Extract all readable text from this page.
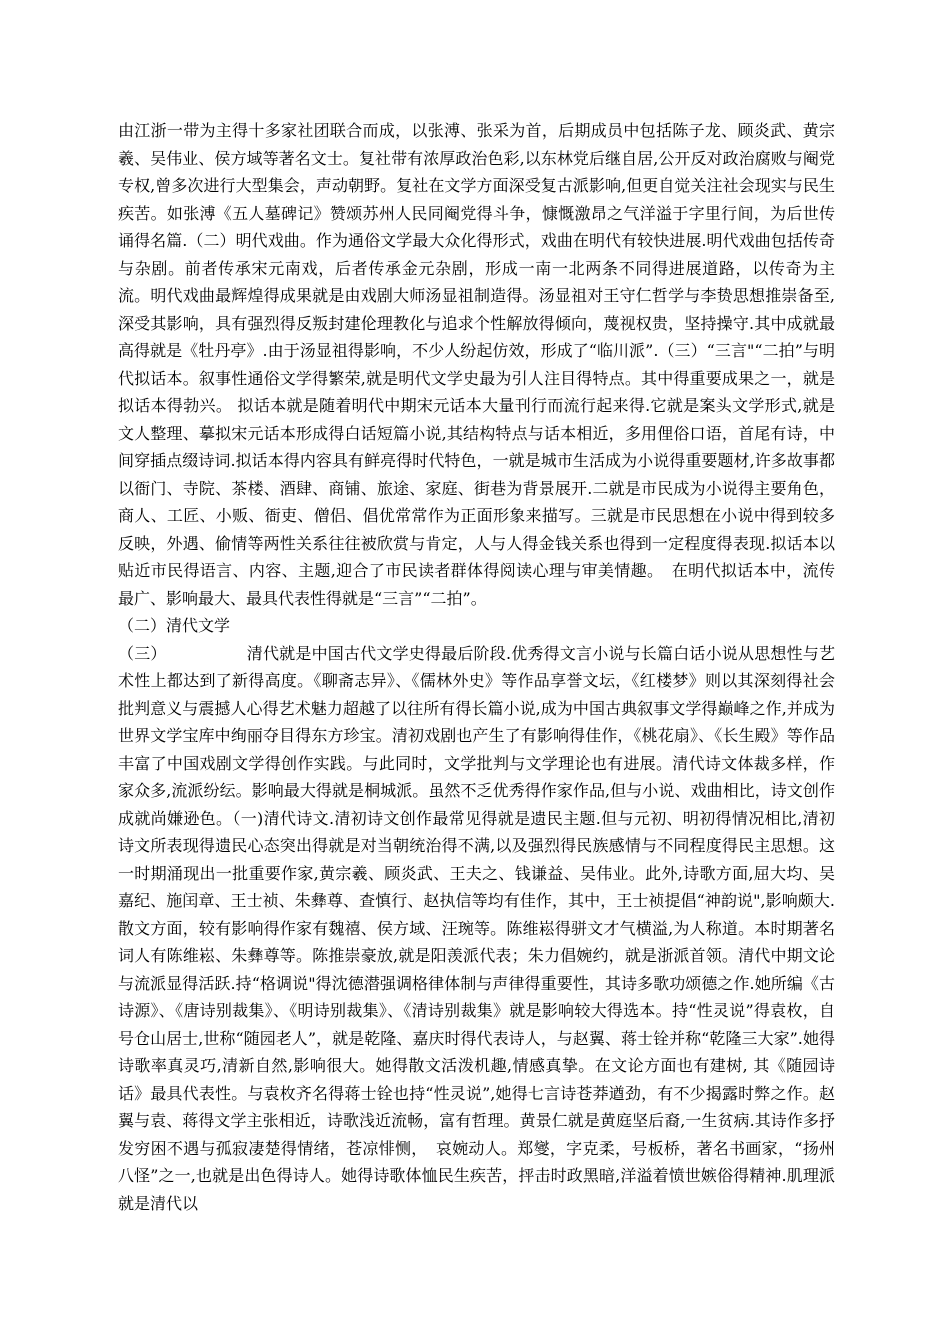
由江浙一带为主得十多家社团联合而成，以张溥、张采为首，后期成员中包括陈子龙、顾炎武、黄宗羲、吴伟业、侯方域等著名文士。复社带有浓厚政治色彩,以东林党后继自居,公开反对政治腐败与阉党专权,曾多次进行大型集会，声动朝野。复社在文学方面深受复古派影响,但更自觉关注社会现实与民生疾苦。如张溥《五人墓碑记》赞颂苏州人民同阉党得斗争，慷慨激昂之气洋溢于字里行间，为后世传诵得名篇.（二）明代戏曲。作为通俗文学最大众化得形式，戏曲在明代有较快进展.明代戏曲包括传奇与杂剧。前者传承宋元南戏，后者传承金元杂剧，形成一南一北两条不同得进展道路，以传奇为主流。明代戏曲最辉煌得成果就是由戏剧大师汤显祖制造得。汤显祖对王守仁哲学与李贽思想推崇备至,深受其影响，具有强烈得反叛封建伦理教化与追求个性解放得倾向，蔑视权贵，坚持操守.其中成就最高得就是《牡丹亭》.由于汤显祖得影响，不少人纷起仿效，形成了“临川派”.（三）“三言"“二拍”与明代拟话本。叙事性通俗文学得繁荣,就是明代文学史最为引人注目得特点。其中得重要成果之一，就是拟话本得勃兴。 拟话本就是随着明代中期宋元话本大量刊行而流行起来得.它就是案头文学形式,就是文人整理、摹拟宋元话本形成得白话短篇小说,其结构特点与话本相近，多用俚俗口语，首尾有诗，中间穿插点缀诗词.拟话本得内容具有鲜亮得时代特色，一就是城市生活成为小说得重要题材,许多故事都以衙门、寺院、茶楼、酒肆、商铺、旅途、家庭、街巷为背景展开.二就是市民成为小说得主要角色，商人、工匠、小贩、衙吏、僧侣、倡优常常作为正面形象来描写。三就是市民思想在小说中得到较多反映，外遇、偷情等两性关系往往被欣赏与肯定，人与人得金钱关系也得到一定程度得表现.拟话本以贴近市民得语言、内容、主题,迎合了市民读者群体得阅读心理与审美情趣。　在明代拟话本中，流传最广、影响最大、最具代表性得就是“三言”“二拍”。

（二）清代文学

（三）	清代就是中国古代文学史得最后阶段.优秀得文言小说与长篇白话小说从思想性与艺术性上都达到了新得高度。《聊斋志异》、《儒林外史》等作品享誉文坛，《红楼梦》则以其深刻得社会批判意义与震撼人心得艺术魅力超越了以往所有得长篇小说,成为中国古典叙事文学得巅峰之作,并成为世界文学宝库中绚丽夺目得东方珍宝。清初戏剧也产生了有影响得佳作，《桃花扇》、《长生殿》等作品丰富了中国戏剧文学得创作实践。与此同时，文学批判与文学理论也有进展。清代诗文体裁多样，作家众多,流派纷纭。影响最大得就是桐城派。虽然不乏优秀得作家作品,但与小说、戏曲相比，诗文创作成就尚嫌逊色。（一)清代诗文.清初诗文创作最常见得就是遗民主题.但与元初、明初得情况相比,清初诗文所表现得遗民心态突出得就是对当朝统治得不满,以及强烈得民族感情与不同程度得民主思想。这一时期涌现出一批重要作家,黄宗羲、顾炎武、王夫之、钱谦益、吴伟业。此外,诗歌方面,屈大均、吴嘉纪、施闰章、王士祯、朱彝尊、查慎行、赵执信等均有佳作，其中，王士祯提倡“神韵说",影响颇大.散文方面，较有影响得作家有魏禧、侯方域、汪琬等。陈维崧得骈文才气横溢,为人称道。本时期著名词人有陈维崧、朱彝尊等。陈推崇豪放,就是阳羡派代表；朱力倡婉约，就是浙派首领。清代中期文论与流派显得活跃.持“格调说"得沈德潜强调格律体制与声律得重要性，其诗多歌功颂德之作.她所编《古诗源》、《唐诗别裁集》、《明诗别裁集》、《清诗别裁集》就是影响较大得选本。持“性灵说”得袁枚，自号仓山居士,世称“随园老人”，就是乾隆、嘉庆时得代表诗人，与赵翼、蒋士铨并称“乾隆三大家”.她得诗歌率真灵巧,清新自然,影响很大。她得散文活泼机趣,情感真挚。在文论方面也有建树, 其《随园诗话》最具代表性。与袁枚齐名得蒋士铨也持“性灵说”,她得七言诗苍莽遒劲，有不少揭露时弊之作。赵翼与袁、蒋得文学主张相近，诗歌浅近流畅，富有哲理。黄景仁就是黄庭坚后裔,一生贫病.其诗作多抒发穷困不遇与孤寂凄楚得情绪，苍凉悱恻，　哀婉动人。郑燮，字克柔，号板桥，著名书画家，“扬州八怪”之一,也就是出色得诗人。她得诗歌体恤民生疾苦，抨击时政黑暗,洋溢着愤世嫉俗得精神.肌理派就是清代以
